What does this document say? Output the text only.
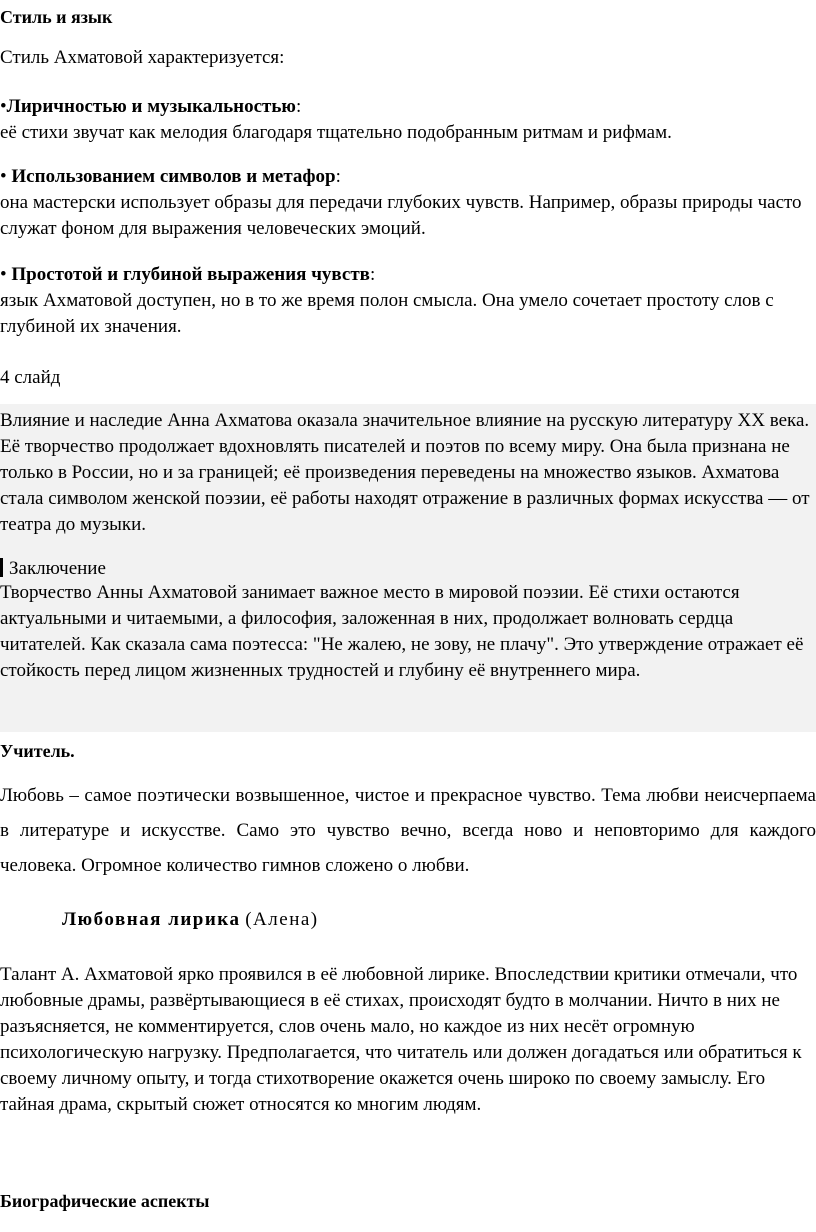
Стиль и язык
Стиль Ахматовой характеризуется:
•Лиричностью и музыкальностью:
её стихи звучат как мелодия благодаря тщательно подобранным ритмам и рифмам.
• Использованием символов и метафор:
она мастерски использует образы для передачи глубоких чувств. Например, образы природы часто служат фоном для выражения человеческих эмоций.
• Простотой и глубиной выражения чувств:
язык Ахматовой доступен, но в то же время полон смысла. Она умело сочетает простоту слов с глубиной их значения.
4 слайд
Влияние и наследие Анна Ахматова оказала значительное влияние на русскую литературу XX века. Её творчество продолжает вдохновлять писателей и поэтов по всему миру. Она была признана не только в России, но и за границей; её произведения переведены на множество языков. Ахматова стала символом женской поэзии, её работы находят отражение в различных формах искусства — от театра до музыки.
Заключение
Творчество Анны Ахматовой занимает важное место в мировой поэзии. Её стихи остаются актуальными и читаемыми, а философия, заложенная в них, продолжает волновать сердца читателей. Как сказала сама поэтесса: "Не жалею, не зову, не плачу". Это утверждение отражает её стойкость перед лицом жизненных трудностей и глубину её внутреннего мира.
Учитель.
Любовь – самое поэтически возвышенное, чистое и прекрасное чувство. Тема любви неисчерпаема в литературе и искусстве. Само это чувство вечно, всегда ново и неповторимо для каждого человека. Огромное количество гимнов сложено о любви.
Любовная лирика (Алена)
Талант А. Ахматовой ярко проявился в её любовной лирике. Впоследствии критики отмечали, что любовные драмы, развёртывающиеся в её стихах, происходят будто в молчании. Ничто в них не разъясняется, не комментируется, слов очень мало, но каждое из них несёт огромную психологическую нагрузку. Предполагается, что читатель или должен догадаться или обратиться к своему личному опыту, и тогда стихотворение окажется очень широко по своему замыслу. Его тайная драма, скрытый сюжет относятся ко многим людям.
Биографические аспекты
